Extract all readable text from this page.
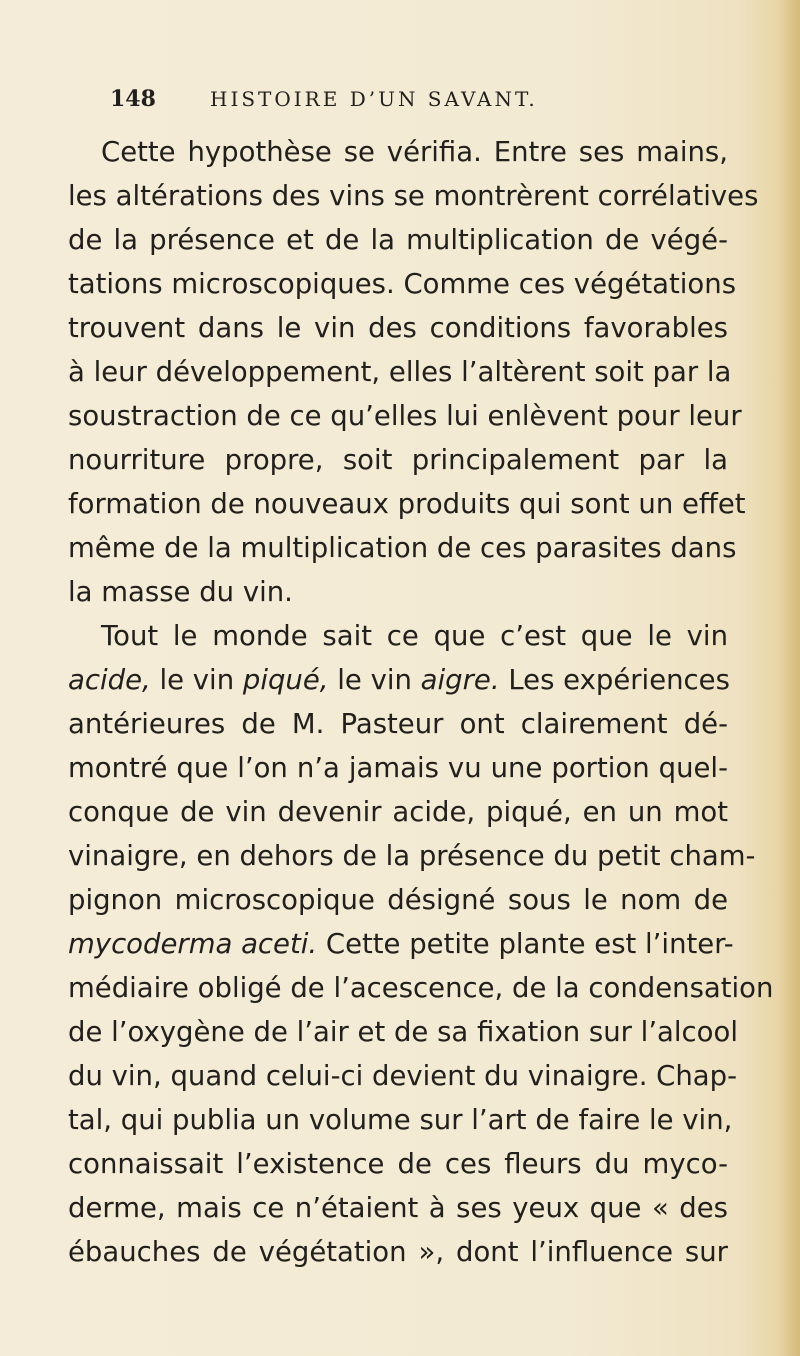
148	HISTOIRE D’UN SAVANT.
Cette hypothèse se vérifia. Entre ses mains,
les altérations des vins se montrèrent corrélatives
de la présence et de la multiplication de végé-
tations microscopiques. Comme ces végétations
trouvent dans le vin des conditions favorables
à leur développement, elles l’altèrent soit par la
soustraction de ce qu’elles lui enlèvent pour leur
nourriture propre, soit principalement par la
formation de nouveaux produits qui sont un effet
même de la multiplication de ces parasites dans
la masse du vin.
Tout le monde sait ce que c’est que le vin
acide, le vin piqué, le vin aigre. Les expériences
antérieures de M. Pasteur ont clairement dé-
montré que l’on n’a jamais vu une portion quel-
conque de vin devenir acide, piqué, en un mot
vinaigre, en dehors de la présence du petit cham-
pignon microscopique désigné sous le nom de
mycoderma aceti. Cette petite plante est l’inter-
médiaire obligé de l’acescence, de la condensation
de l’oxygène de l’air et de sa fixation sur l’alcool
du vin, quand celui-ci devient du vinaigre. Chap-
tal, qui publia un volume sur l’art de faire le vin,
connaissait l’existence de ces fleurs du myco-
derme, mais ce n’étaient à ses yeux que « des
ébauches de végétation », dont l’influence sur
